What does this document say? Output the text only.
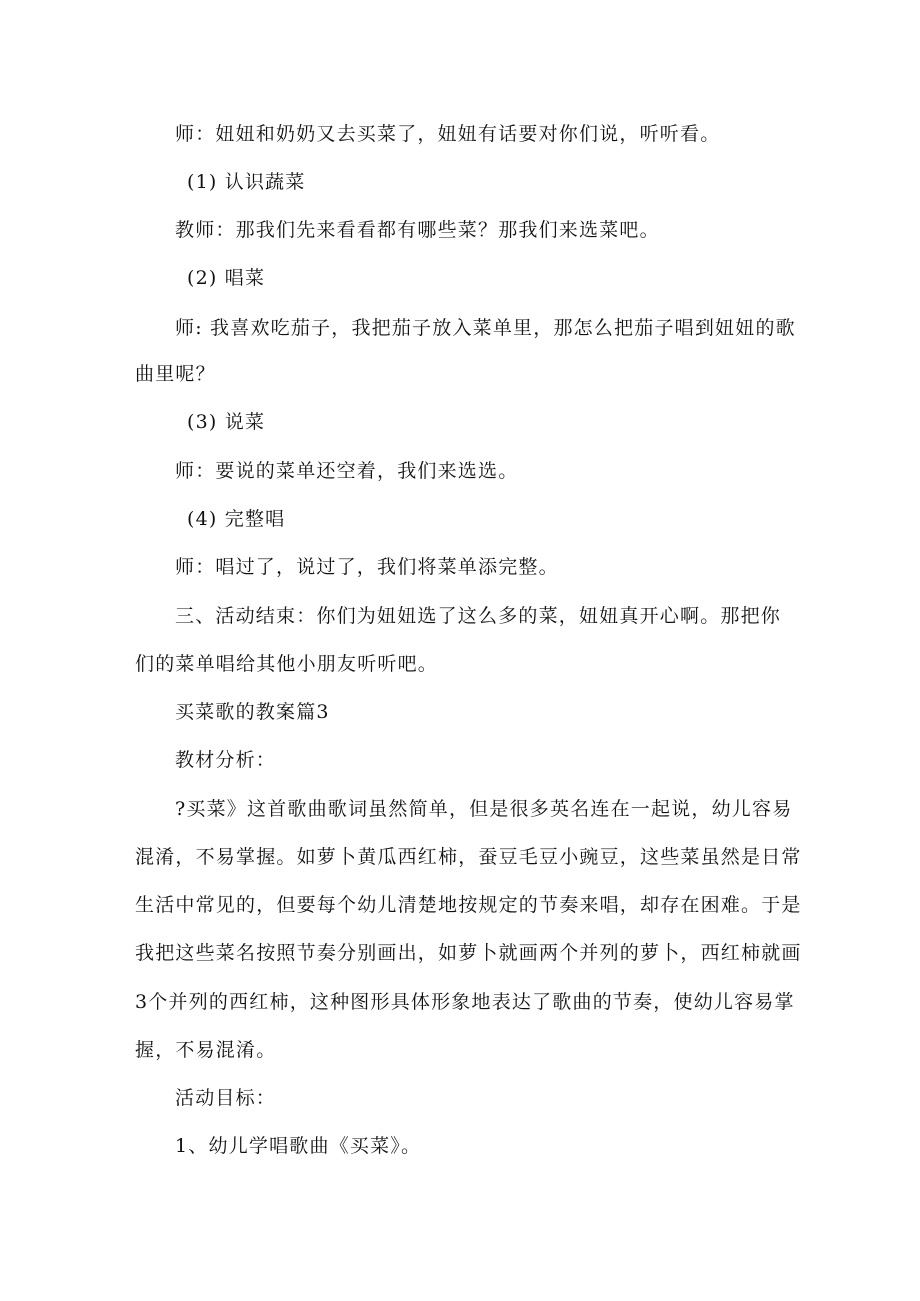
师：妞妞和奶奶又去买菜了，妞妞有话要对你们说，听听看。
(1) 认识蔬菜
教师：那我们先来看看都有哪些菜？那我们来选菜吧。
(2) 唱菜
师: 我喜欢吃茄子，我把茄子放入菜单里，那怎么把茄子唱到妞妞的歌
曲里呢？
(3) 说菜
师：要说的菜单还空着，我们来选选。
(4) 完整唱
师：唱过了，说过了，我们将菜单添完整。
三、活动结束：你们为妞妞选了这么多的菜，妞妞真开心啊。那把你
们的菜单唱给其他小朋友听听吧。
买菜歌的教案篇3
教材分析：
?买菜》这首歌曲歌词虽然简单，但是很多英名连在一起说，幼儿容易
混淆，不易掌握。如萝卜黄瓜西红柿，蚕豆毛豆小豌豆，这些菜虽然是日常
生活中常见的，但要每个幼儿清楚地按规定的节奏来唱，却存在困难。于是
我把这些菜名按照节奏分别画出，如萝卜就画两个并列的萝卜，西红柿就画
3个并列的西红柿，这种图形具体形象地表达了歌曲的节奏，使幼儿容易掌
握，不易混淆。
活动目标：
1、幼儿学唱歌曲《买菜》。
